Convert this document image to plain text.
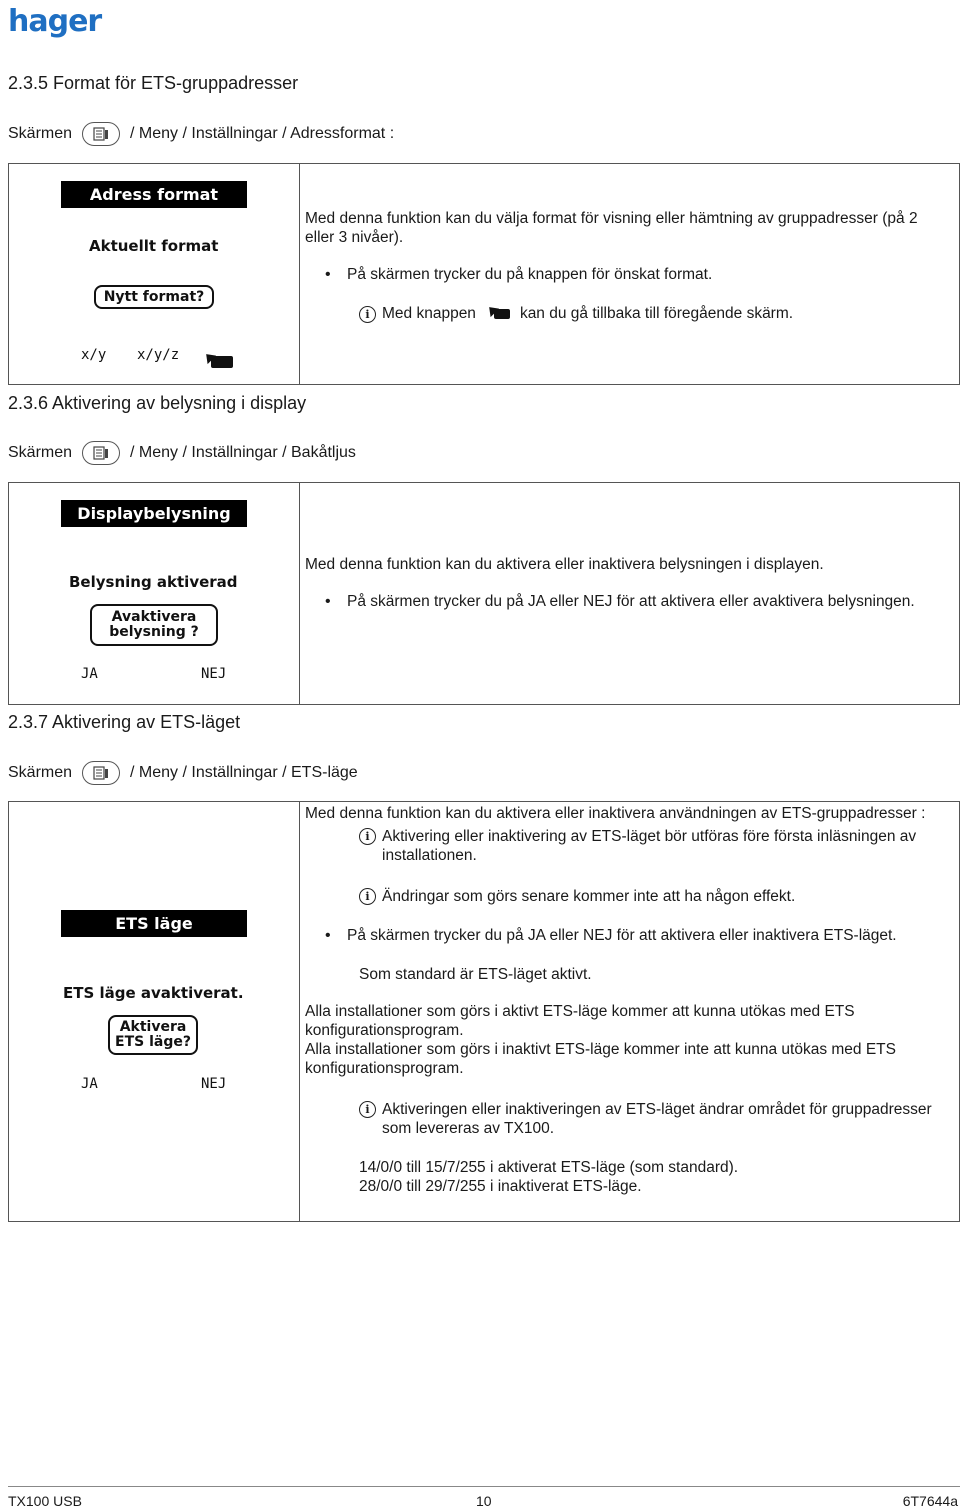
hager
2.3.5 Format för ETS-gruppadresser
Skärmen	/ Meny / Inställningar / Adressformat :
Adress format
Aktuellt format
Nytt format?
x/y x/y/z

Med denna funktion kan du välja format för visning eller hämtning av gruppadresser (på 2 eller 3 nivåer).

• På skärmen trycker du på knappen för önskat format.

i Med knappen	kan du gå tillbaka till föregående skärm.
2.3.6 Aktivering av belysning i display
Skärmen	/ Meny / Inställningar / Bakåtljus
Displaybelysning
Belysning aktiverad
Avaktivera
belysning ?
JA	NEJ

Med denna funktion kan du aktivera eller inaktivera belysningen i displayen.

• På skärmen trycker du på JA eller NEJ för att aktivera eller avaktivera belysningen.

2.3.7 Aktivering av ETS-läget
Skärmen	/ Meny / Inställningar / ETS-läge
ETS läge
ETS läge avaktiverat.
Aktivera
ETS läge?
JA	NEJ

Med denna funktion kan du aktivera eller inaktivera användningen av ETS-gruppadresser :

i Aktivering eller inaktivering av ETS-läget bör utföras före första inläsningen av installationen.
i Ändringar som görs senare kommer inte att ha någon effekt.

• På skärmen trycker du på JA eller NEJ för att aktivera eller inaktivera ETS-läget.

Som standard är ETS-läget aktivt.

Alla installationer som görs i aktivt ETS-läge kommer att kunna utökas med ETS konfigurationsprogram.

Alla installationer som görs i inaktivt ETS-läge kommer inte att kunna utökas med ETS konfigurationsprogram.

i Aktiveringen eller inaktiveringen av ETS-läget ändrar området för gruppadresser som levereras av TX100.

14/0/0 till 15/7/255 i aktiverat ETS-läge (som standard).

28/0/0 till 29/7/255 i inaktiverat ETS-läge.

TX100 USB	10	6T7644a
